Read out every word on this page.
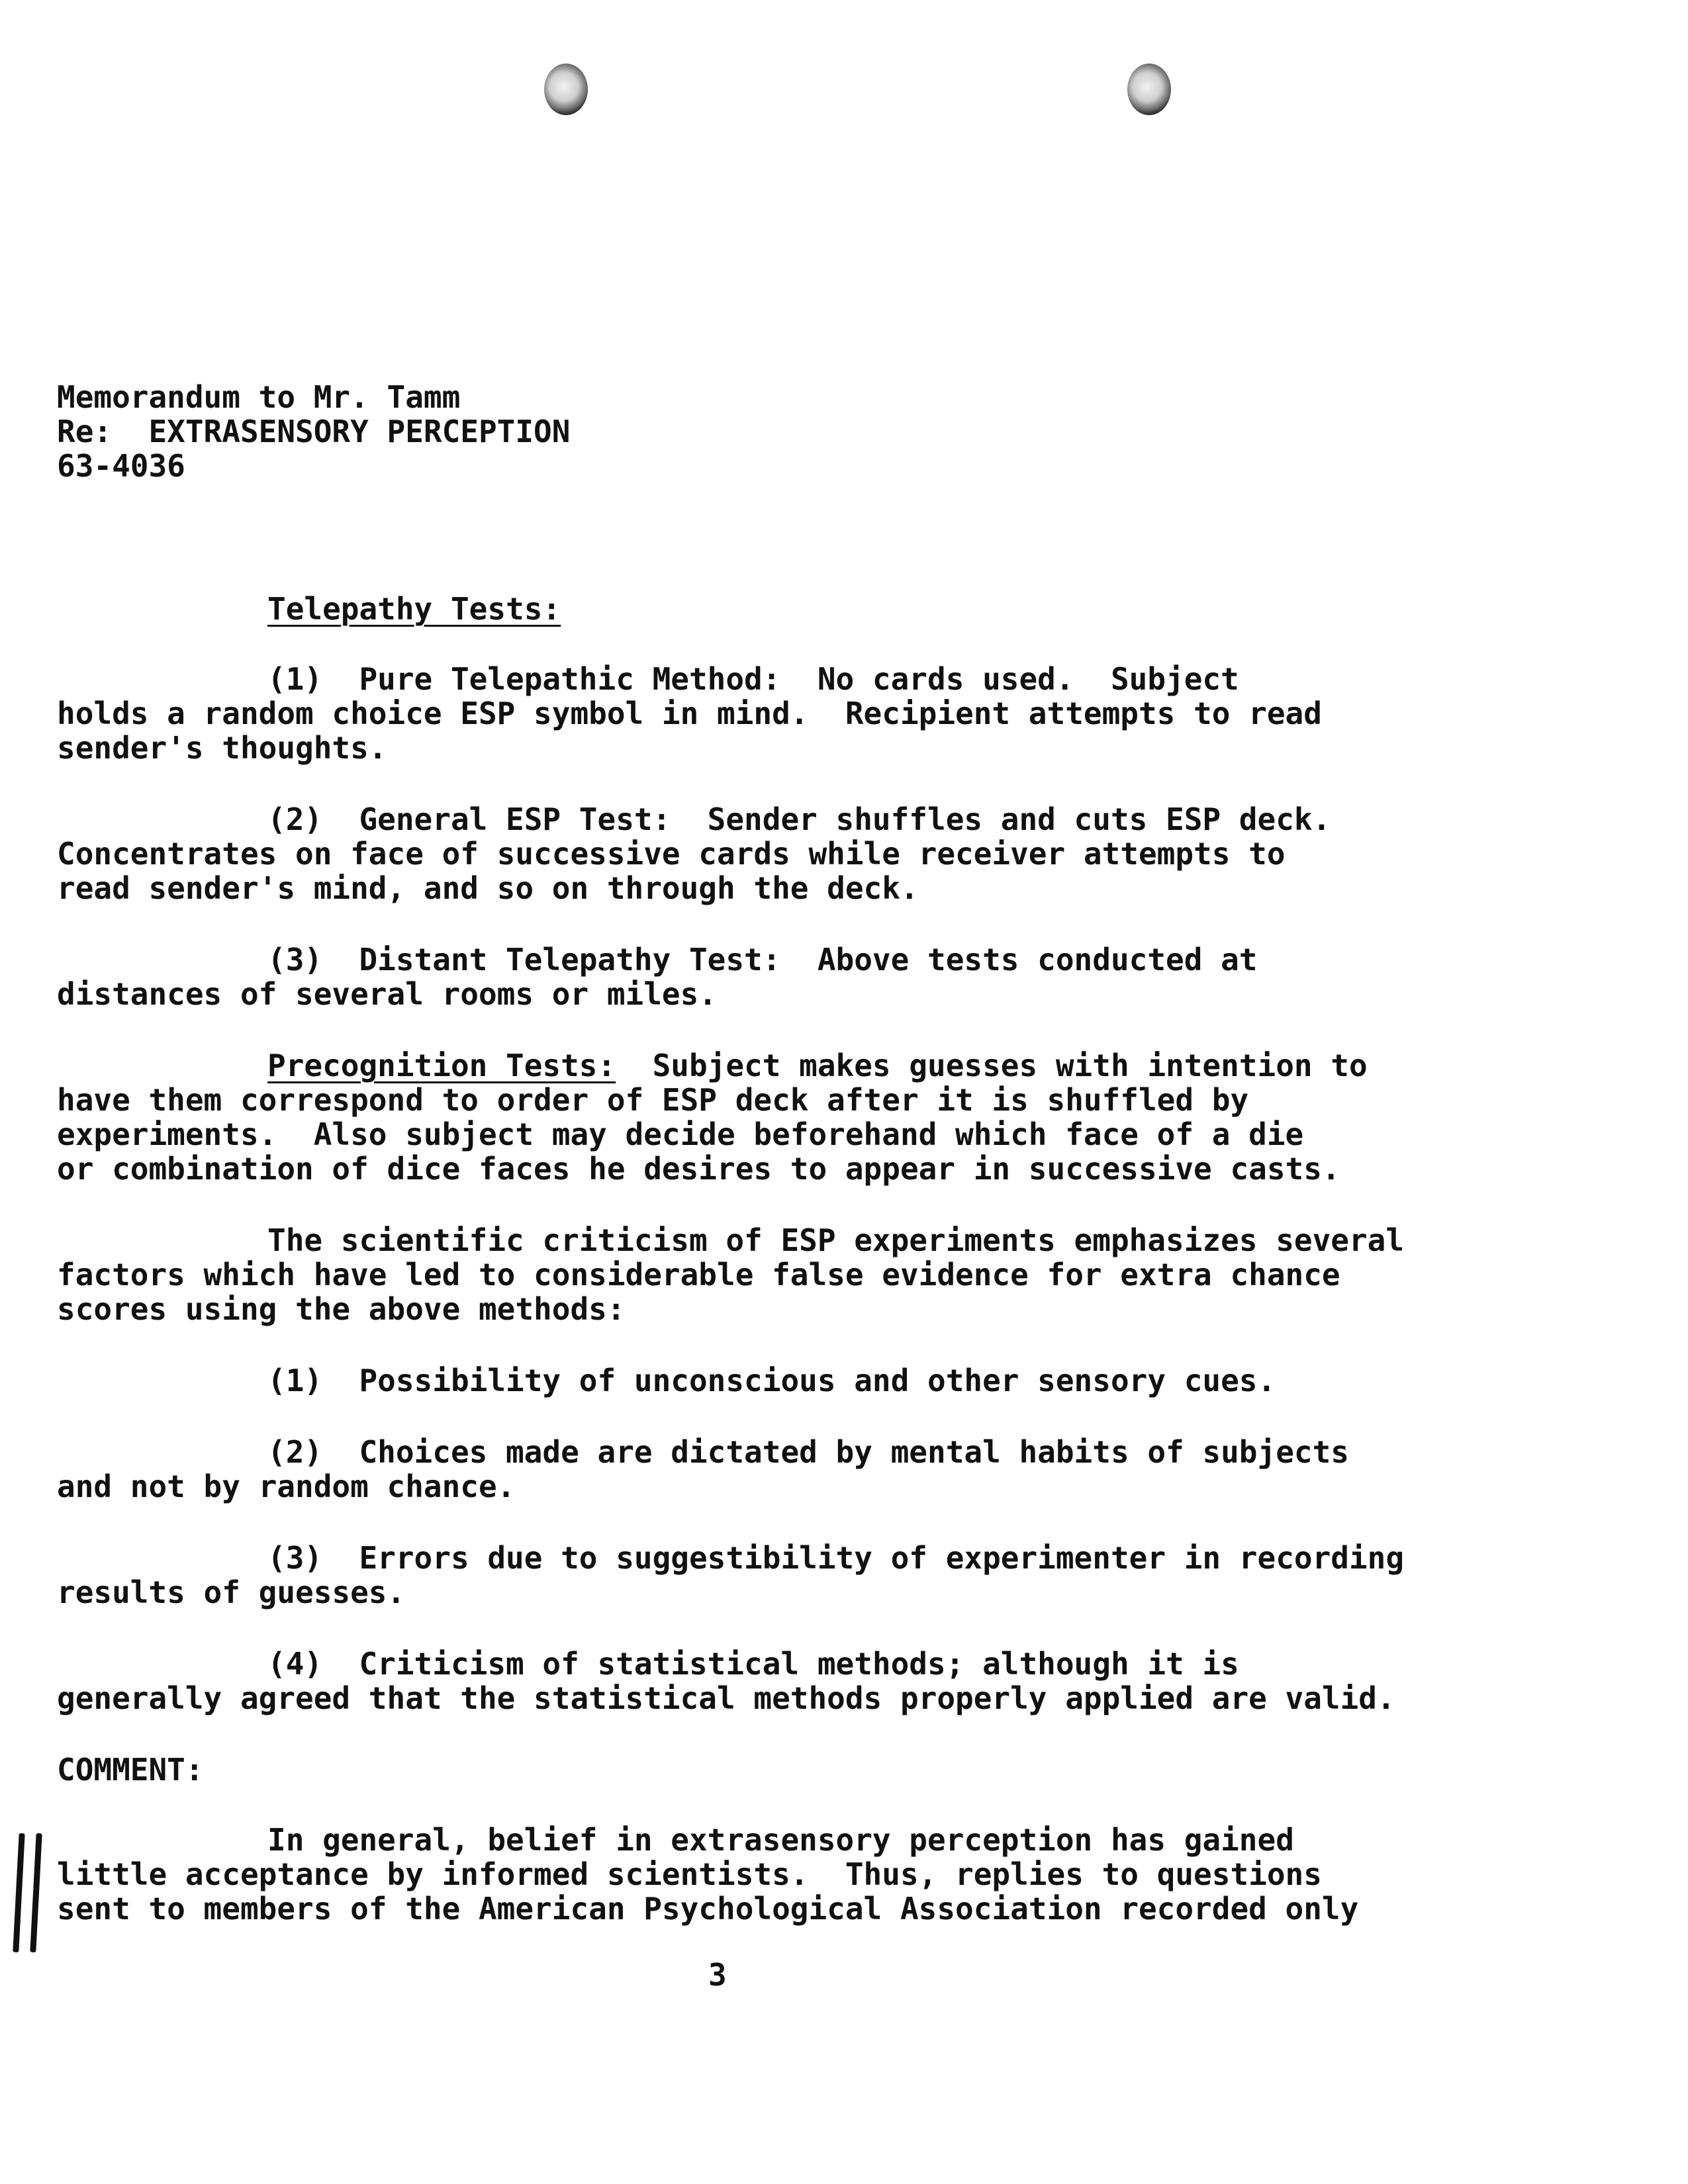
Memorandum to Mr. Tamm
Re:  EXTRASENSORY PERCEPTION
63-4036
Telepathy Tests:
(1)  Pure Telepathic Method:  No cards used.  Subject
holds a random choice ESP symbol in mind.  Recipient attempts to read
sender's thoughts.
(2)  General ESP Test:  Sender shuffles and cuts ESP deck.
Concentrates on face of successive cards while receiver attempts to
read sender's mind, and so on through the deck.
(3)  Distant Telepathy Test:  Above tests conducted at
distances of several rooms or miles.
Precognition Tests:  Subject makes guesses with intention to
have them correspond to order of ESP deck after it is shuffled by
experiments.  Also subject may decide beforehand which face of a die
or combination of dice faces he desires to appear in successive casts.
The scientific criticism of ESP experiments emphasizes several
factors which have led to considerable false evidence for extra chance
scores using the above methods:
(1)  Possibility of unconscious and other sensory cues.
(2)  Choices made are dictated by mental habits of subjects
and not by random chance.
(3)  Errors due to suggestibility of experimenter in recording
results of guesses.
(4)  Criticism of statistical methods; although it is
generally agreed that the statistical methods properly applied are valid.
COMMENT:
In general, belief in extrasensory perception has gained
little acceptance by informed scientists.  Thus, replies to questions
sent to members of the American Psychological Association recorded only
3
